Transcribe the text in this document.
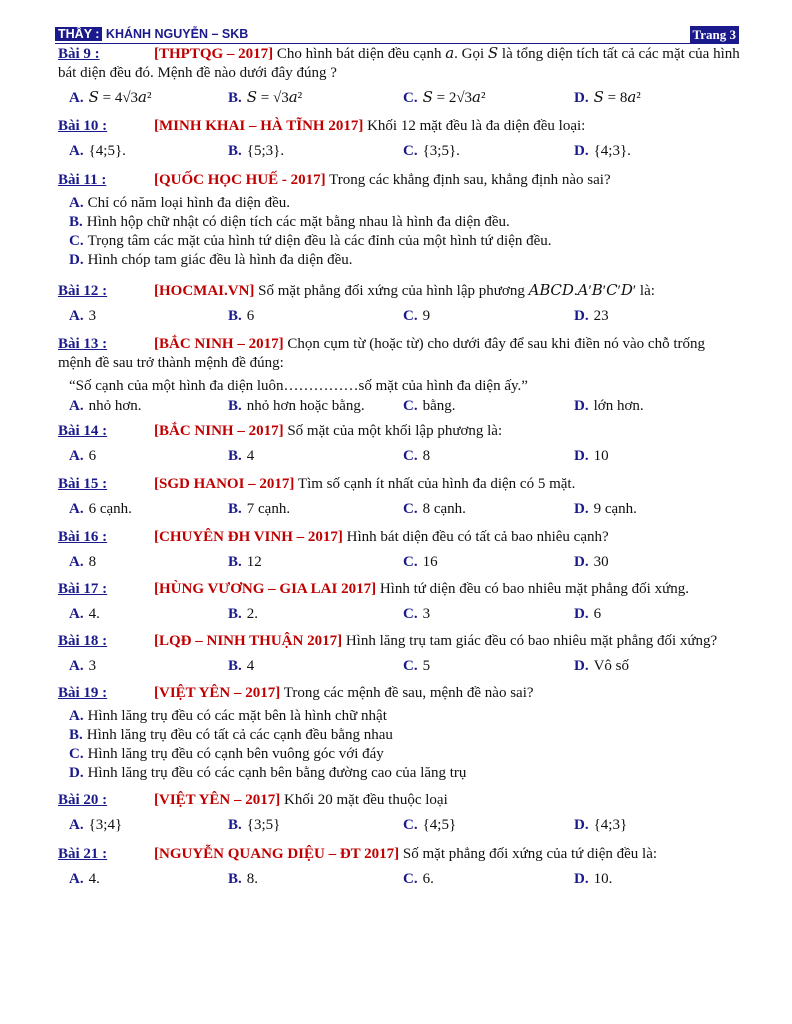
THẦY : KHÁNH NGUYỄN – SKB	Trang 3
Bài 9 :	[THPTQG – 2017] Cho hình bát diện đều cạnh 𝑎. Gọi 𝑆 là tổng diện tích tất cả các mặt của hình bát diện đều đó. Mệnh đề nào dưới đây đúng ?
A. 𝑆 = 4√3𝑎²	B. 𝑆 = √3𝑎²	C. 𝑆 = 2√3𝑎²	D. 𝑆 = 8𝑎²
Bài 10 :	[MINH KHAI – HÀ TĨNH 2017] Khối 12 mặt đều là đa diện đều loại:
A. {4;5}.	B. {5;3}.	C. {3;5}.	D. {4;3}.
Bài 11 :	[QUỐC HỌC HUẾ - 2017] Trong các khẳng định sau, khẳng định nào sai?
A. Chỉ có năm loại hình đa diện đều.
B. Hình hộp chữ nhật có diện tích các mặt bằng nhau là hình đa diện đều.
C. Trọng tâm các mặt của hình tứ diện đều là các đỉnh của một hình tứ diện đều.
D. Hình chóp tam giác đều là hình đa diện đều.
Bài 12 :	[HOCMAI.VN] Số mặt phẳng đối xứng của hình lập phương 𝐴𝐵𝐶𝐷.𝐴′𝐵′𝐶′𝐷′ là:
A. 3	B. 6	C. 9	D. 23
Bài 13 :	[BẮC NINH – 2017] Chọn cụm từ (hoặc từ) cho dưới đây để sau khi điền nó vào chỗ trống mệnh đề sau trở thành mệnh đề đúng:
“Số cạnh của một hình đa diện luôn……………số mặt của hình đa diện ấy.”
A. nhỏ hơn.	B. nhỏ hơn hoặc bằng.	C. bằng.	D. lớn hơn.
Bài 14 :	[BẮC NINH – 2017] Số mặt của một khối lập phương là:
A. 6	B. 4	C. 8	D. 10
Bài 15 :	[SGD HANOI – 2017] Tìm số cạnh ít nhất của hình đa diện có 5 mặt.
A. 6 cạnh.	B. 7 cạnh.	C. 8 cạnh.	D. 9 cạnh.
Bài 16 :	[CHUYÊN ĐH VINH – 2017] Hình bát diện đều có tất cả bao nhiêu cạnh?
A. 8	B. 12	C. 16	D. 30
Bài 17 :	[HÙNG VƯƠNG – GIA LAI 2017] Hình tứ diện đều có bao nhiêu mặt phẳng đối xứng.
A. 4.	B. 2.	C. 3	D. 6
Bài 18 :	[LQĐ – NINH THUẬN 2017] Hình lăng trụ tam giác đều có bao nhiêu mặt phẳng đối xứng?
A. 3	B. 4	C. 5	D. Vô số
Bài 19 :	[VIỆT YÊN – 2017] Trong các mệnh đề sau, mệnh đề nào sai?
A. Hình lăng trụ đều có các mặt bên là hình chữ nhật
B. Hình lăng trụ đều có tất cả các cạnh đều bằng nhau
C. Hình lăng trụ đều có cạnh bên vuông góc với đáy
D. Hình lăng trụ đều có các cạnh bên bằng đường cao của lăng trụ
Bài 20 :	[VIỆT YÊN – 2017] Khối 20 mặt đều thuộc loại
A. {3;4}	B. {3;5}	C. {4;5}	D. {4;3}
Bài 21 :	[NGUYỄN QUANG DIỆU – ĐT 2017] Số mặt phẳng đối xứng của tứ diện đều là:
A. 4.	B. 8.	C. 6.	D. 10.
